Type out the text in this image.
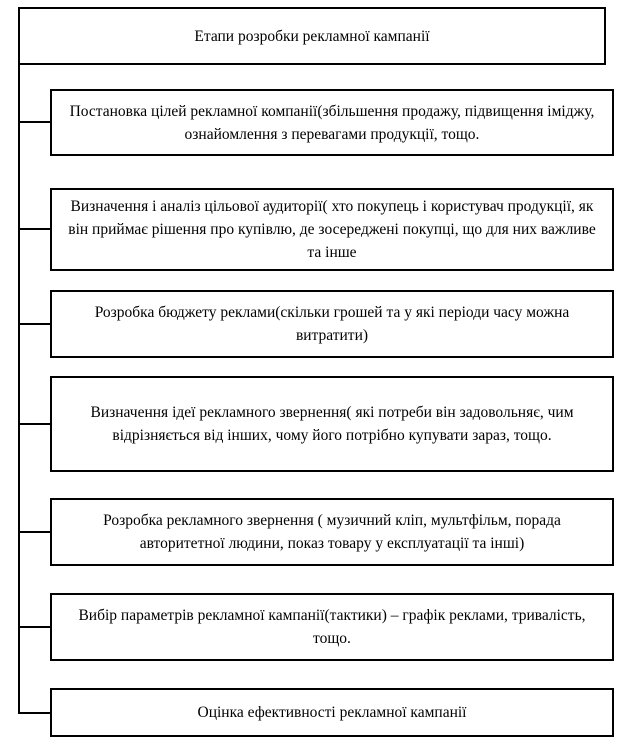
Етапи розробки рекламної кампанії
Постановка цілей рекламної компанії(збільшення продажу, підвищення іміджу, ознайомлення з перевагами продукції, тощо.
Визначення і аналіз цільової аудиторії( хто покупець і користувач продукції, як він приймає рішення про купівлю, де зосереджені покупці, що для них важливе та інше
Розробка бюджету реклами(скільки грошей та у які періоди часу можна витратити)
Визначення ідеї рекламного звернення( які потреби він задовольняє, чим відрізняється від інших, чому його потрібно купувати зараз, тощо.
Розробка рекламного звернення ( музичний кліп, мультфільм, порада авторитетної людини, показ товару у експлуатації та інші)
Вибір параметрів рекламної кампанії(тактики) – графік реклами, тривалість, тощо.
Оцінка ефективності рекламної кампанії
